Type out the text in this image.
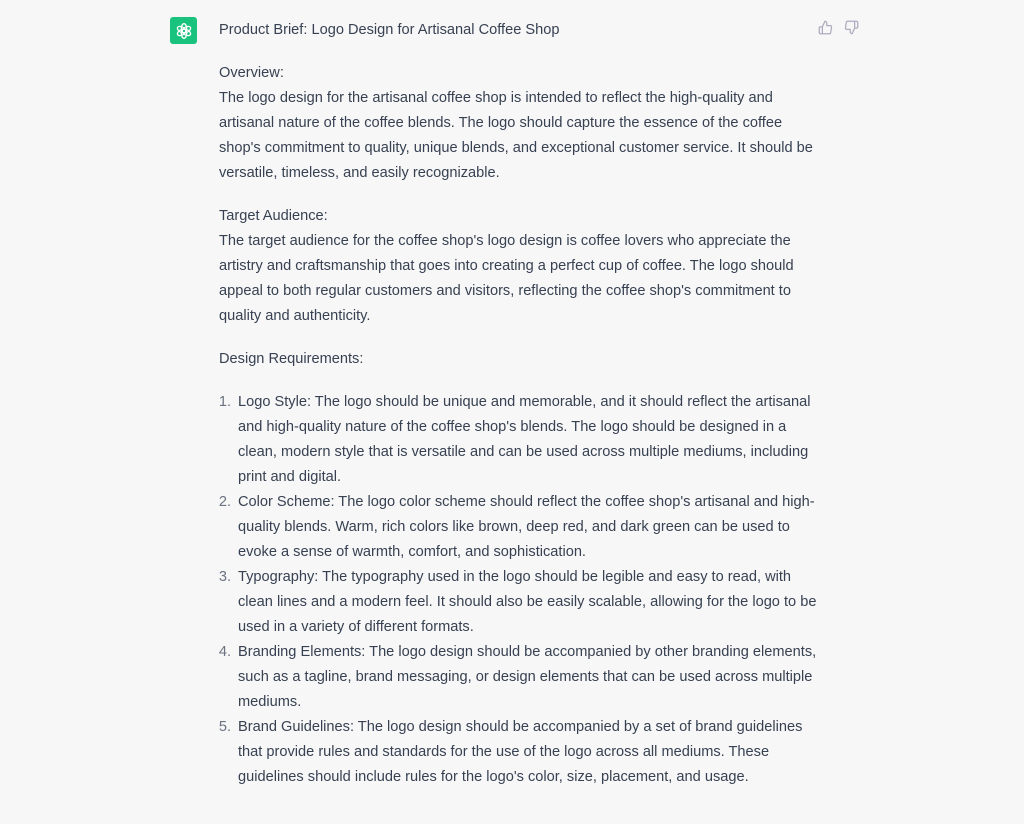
Product Brief: Logo Design for Artisanal Coffee Shop

Overview:

The logo design for the artisanal coffee shop is intended to reflect the high-quality and artisanal nature of the coffee blends. The logo should capture the essence of the coffee shop's commitment to quality, unique blends, and exceptional customer service. It should be versatile, timeless, and easily recognizable.

Target Audience:

The target audience for the coffee shop's logo design is coffee lovers who appreciate the artistry and craftsmanship that goes into creating a perfect cup of coffee. The logo should appeal to both regular customers and visitors, reflecting the coffee shop's commitment to quality and authenticity.

Design Requirements:

1. Logo Style: The logo should be unique and memorable, and it should reflect the artisanal and high-quality nature of the coffee shop's blends. The logo should be designed in a clean, modern style that is versatile and can be used across multiple mediums, including print and digital.
2. Color Scheme: The logo color scheme should reflect the coffee shop's artisanal and high-quality blends. Warm, rich colors like brown, deep red, and dark green can be used to evoke a sense of warmth, comfort, and sophistication.
3. Typography: The typography used in the logo should be legible and easy to read, with clean lines and a modern feel. It should also be easily scalable, allowing for the logo to be used in a variety of different formats.
4. Branding Elements: The logo design should be accompanied by other branding elements, such as a tagline, brand messaging, or design elements that can be used across multiple mediums.
5. Brand Guidelines: The logo design should be accompanied by a set of brand guidelines that provide rules and standards for the use of the logo across all mediums. These guidelines should include rules for the logo's color, size, placement, and usage.
